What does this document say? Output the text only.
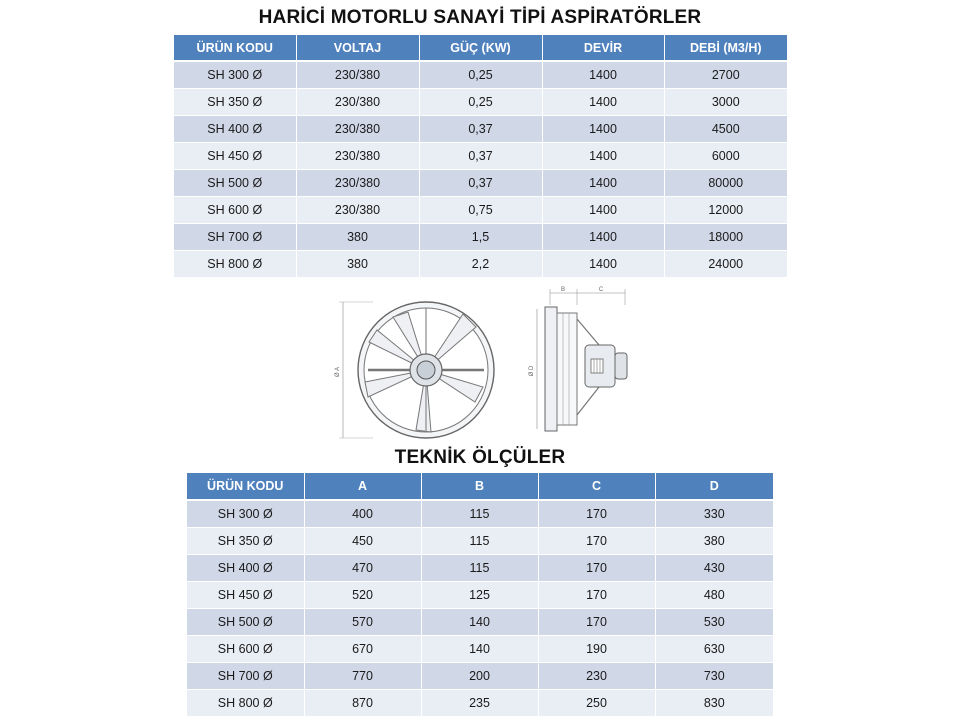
HARİCİ MOTORLU SANAYİ TİPİ ASPİRATÖRLER
ÜRÜN KODU	VOLTAJ	GÜÇ (KW)	DEVİR	DEBİ (M3/H)
SH 300 Ø	230/380	0,25	1400	2700
SH 350 Ø	230/380	0,25	1400	3000
SH 400 Ø	230/380	0,37	1400	4500
SH 450 Ø	230/380	0,37	1400	6000
SH 500 Ø	230/380	0,37	1400	80000
SH 600 Ø	230/380	0,75	1400	12000
SH 700 Ø	380	1,5	1400	18000
SH 800 Ø	380	2,2	1400	24000
Ø A
B	C
Ø D
TEKNİK ÖLÇÜLER
ÜRÜN KODU	A	B	C	D
SH 300 Ø	400	115	170	330
SH 350 Ø	450	115	170	380
SH 400 Ø	470	115	170	430
SH 450 Ø	520	125	170	480
SH 500 Ø	570	140	170	530
SH 600 Ø	670	140	190	630
SH 700 Ø	770	200	230	730
SH 800 Ø	870	235	250	830
